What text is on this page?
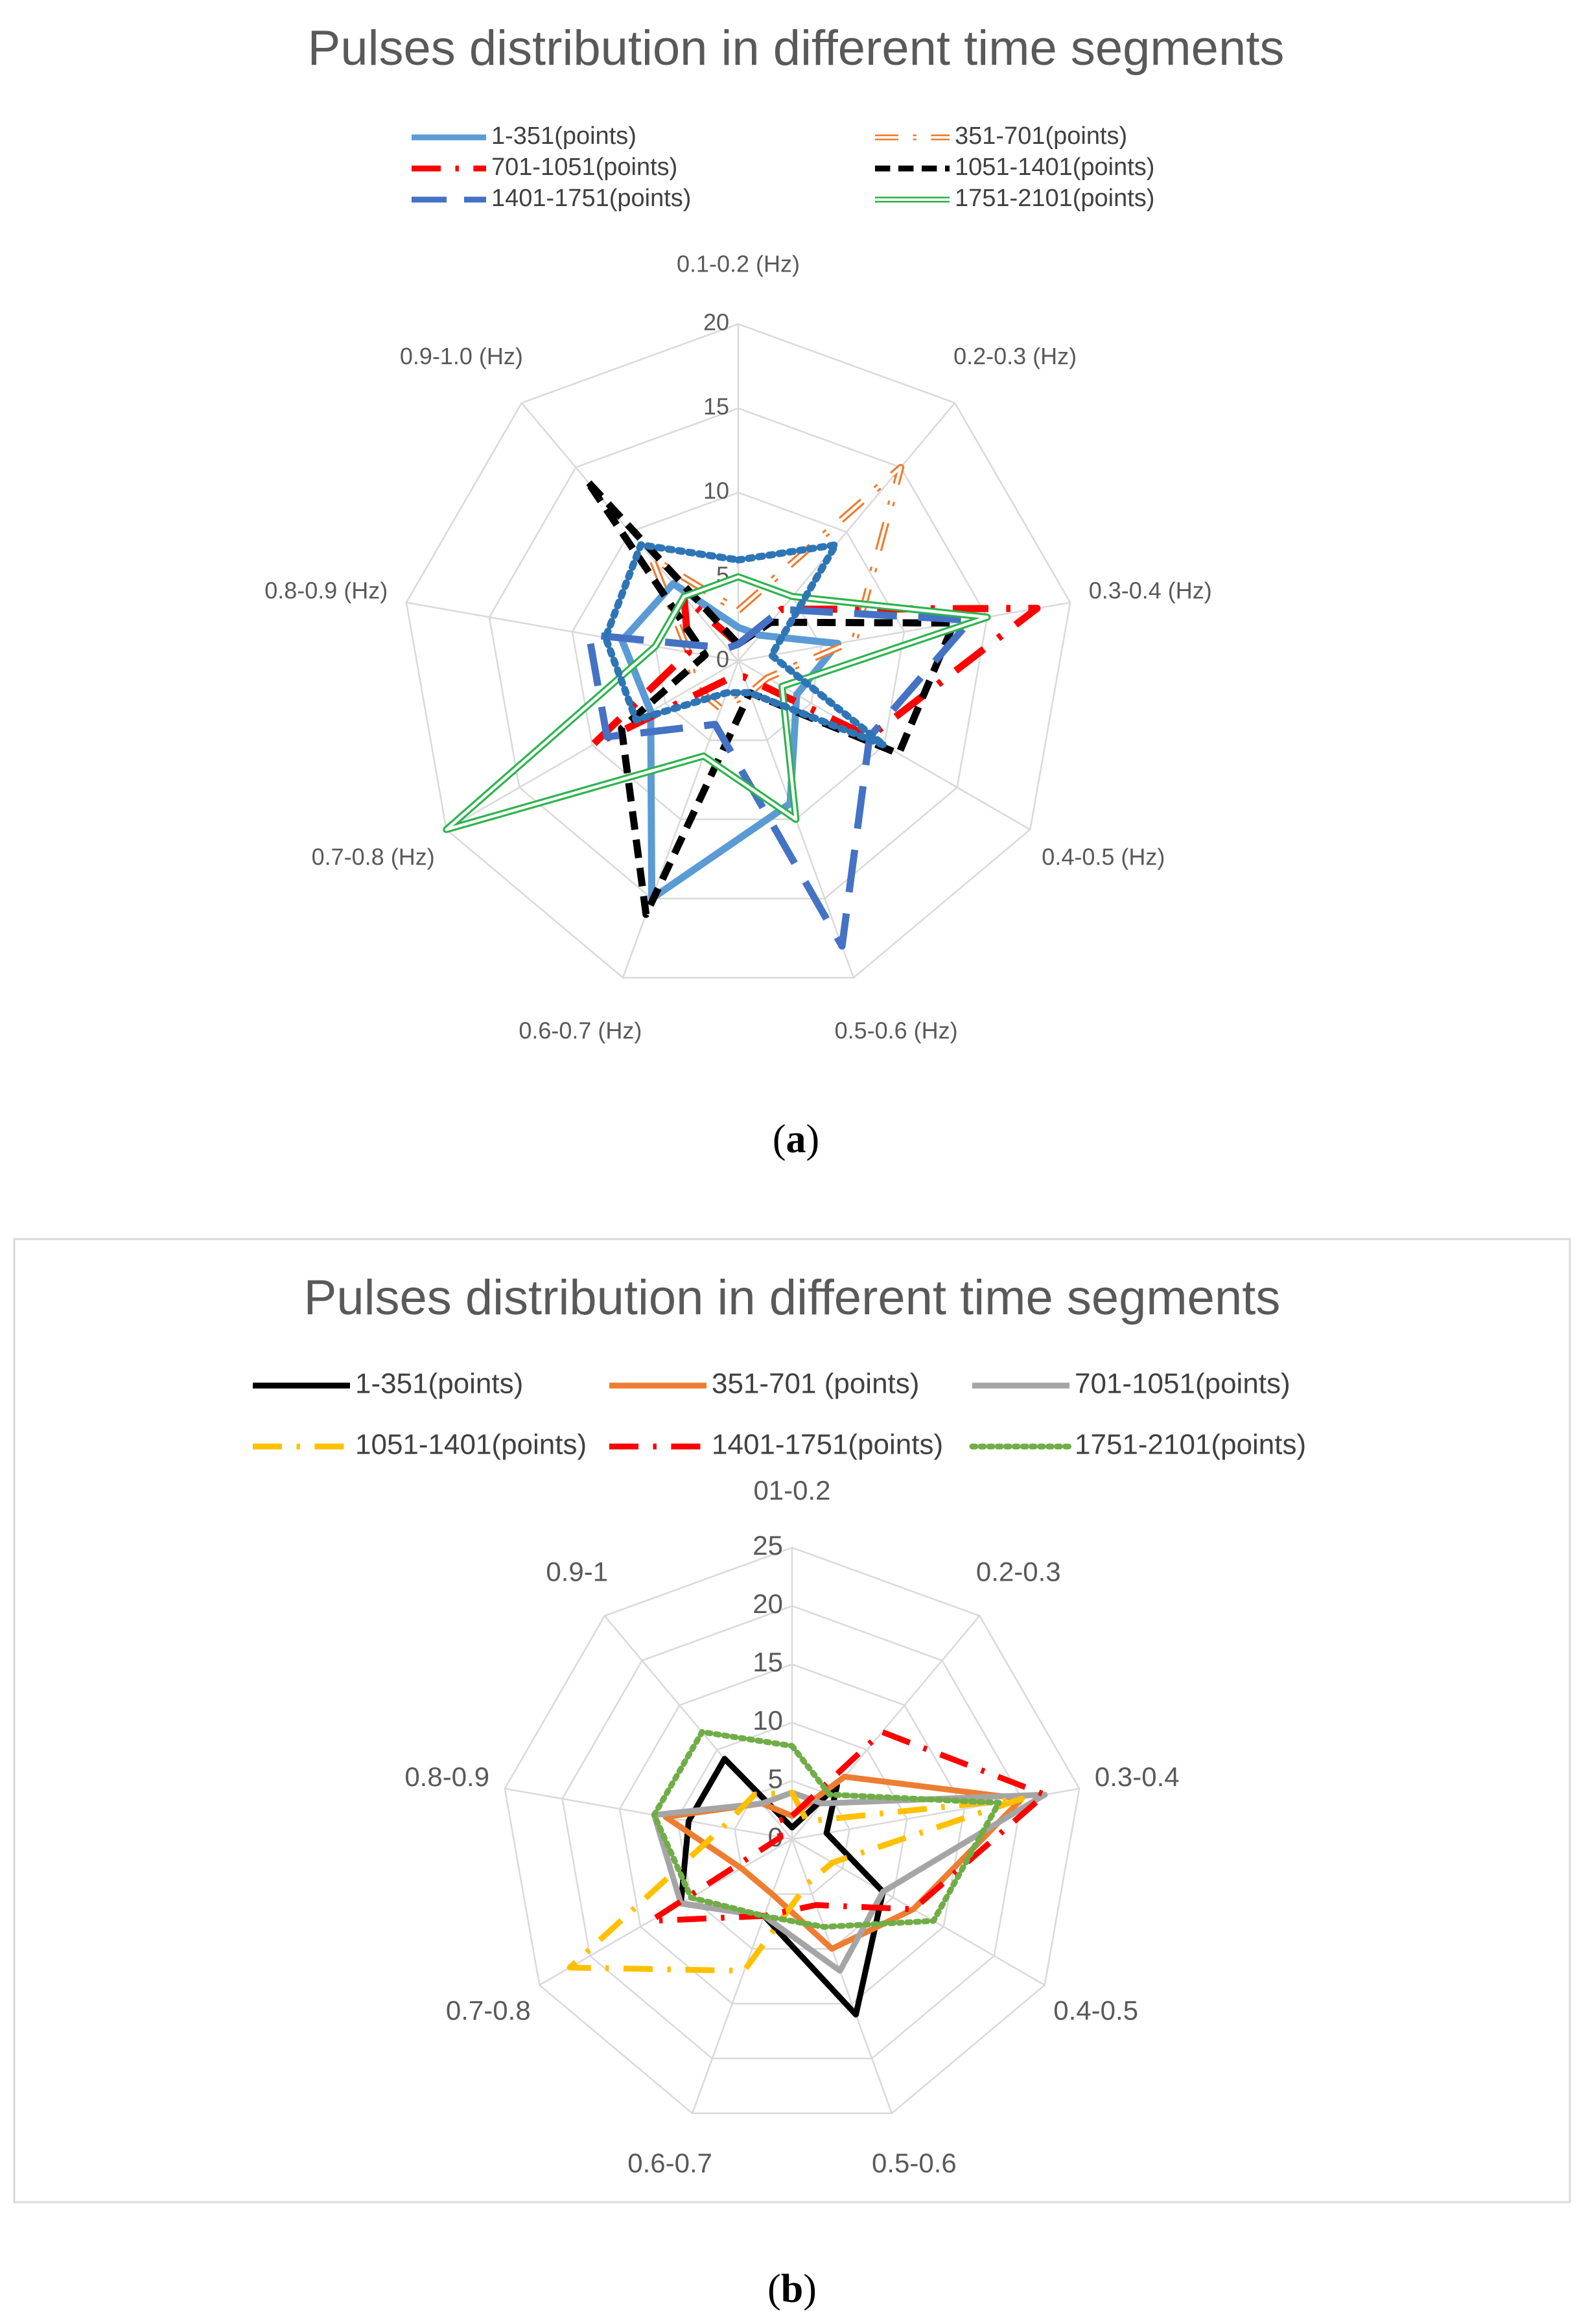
Pulses distribution in different time segments
1-351(points)	351-701(points)
701-1051(points)	1051-1401(points)
1401-1751(points)	1751-2101(points)
0
5
10
15
20
0.1-0.2 (Hz)
0.2-0.3 (Hz)
0.3-0.4 (Hz)
0.4-0.5 (Hz)
0.5-0.6 (Hz)
0.6-0.7 (Hz)
0.7-0.8 (Hz)
0.8-0.9 (Hz)
0.9-1.0 (Hz)
(a)
Pulses distribution in different time segments
1-351(points)	351-701 (points)	701-1051(points)
1051-1401(points)	1401-1751(points)	1751-2101(points)
0
5
10
15
20
25
01-0.2
0.2-0.3
0.3-0.4
0.4-0.5
0.5-0.6
0.6-0.7
0.7-0.8
0.8-0.9
0.9-1
(b)
